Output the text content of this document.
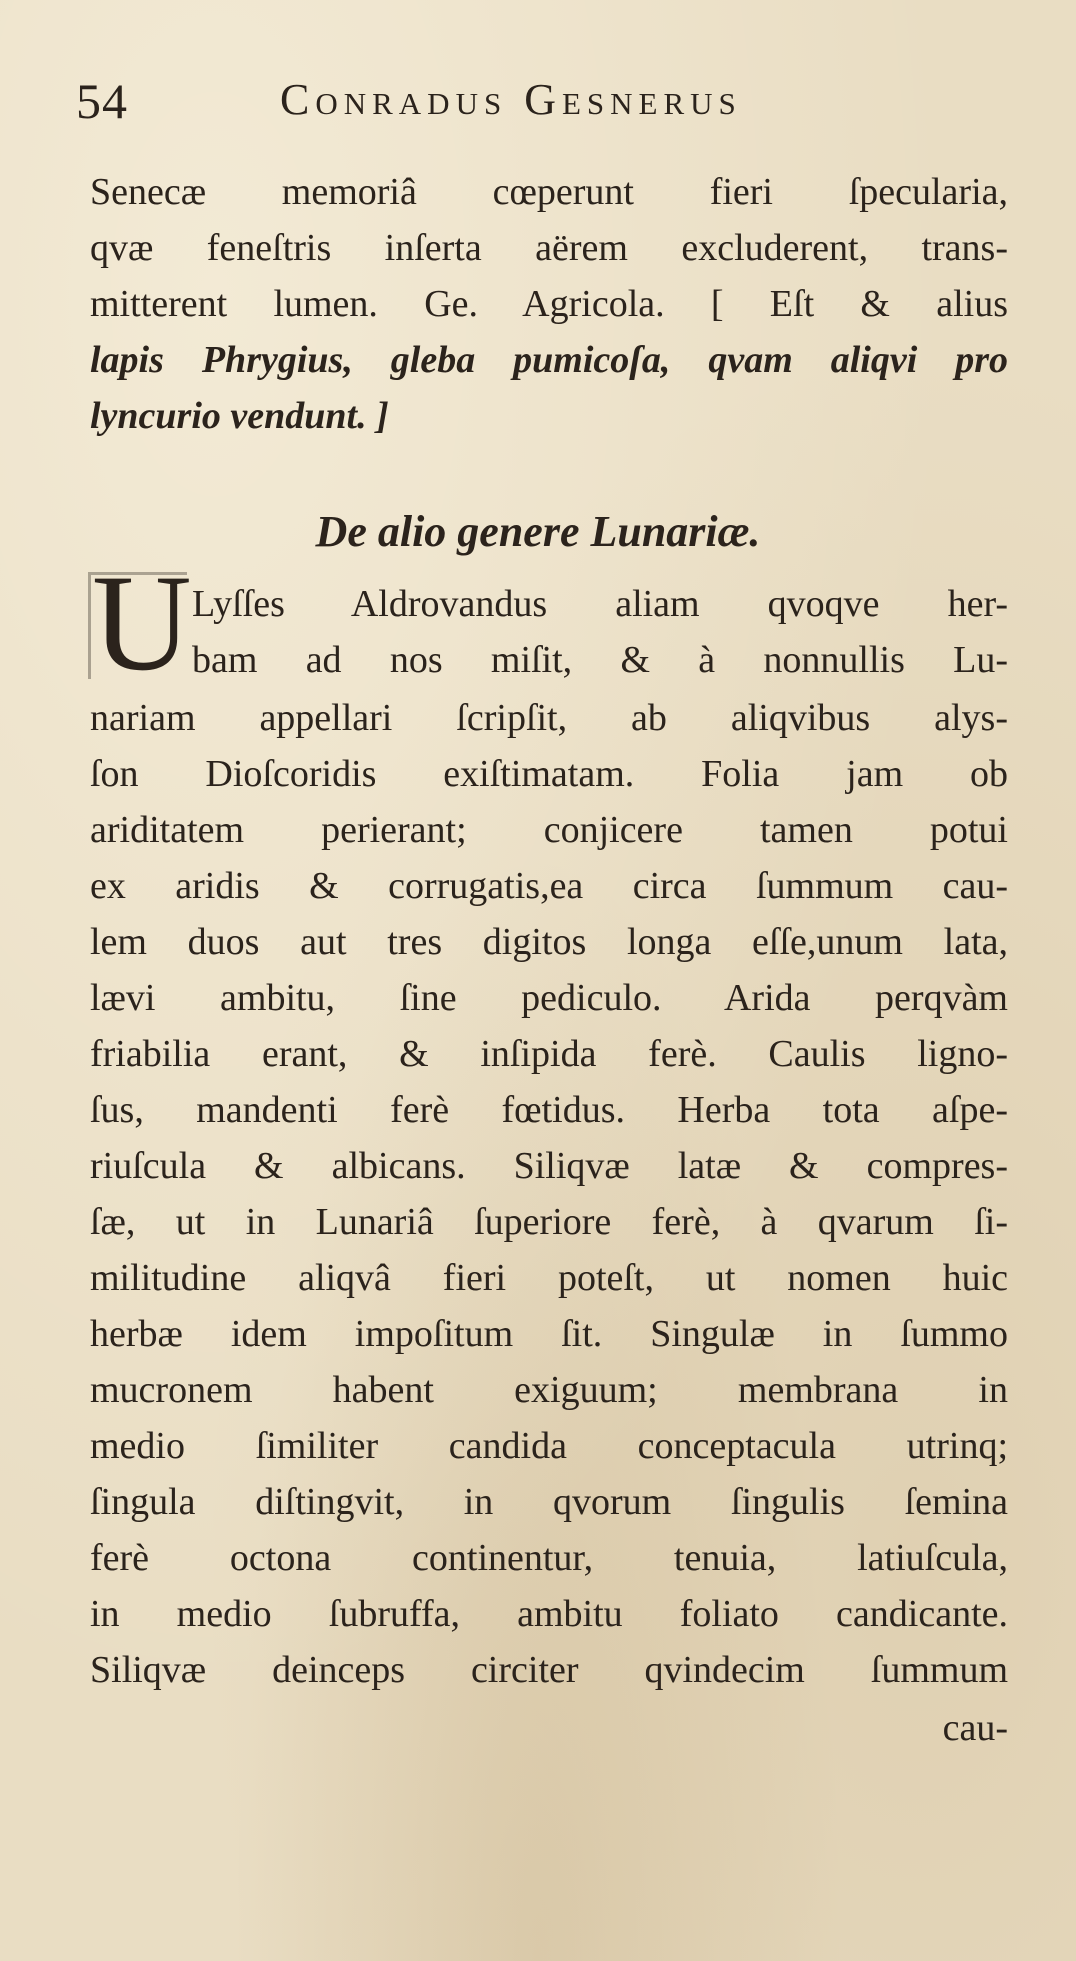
54	Conradus Gesnerus
Senecæ memoriâ cœperunt fieri ſpecularia,
qvæ feneſtris inſerta aërem excluderent, trans-
mitterent lumen. Ge. Agricola. [ Eſt & alius
lapis Phrygius, gleba pumicoſa, qvam aliqvi pro
lyncurio vendunt. ]
De alio genere Lunariæ.
U Lyſſes Aldrovandus aliam qvoqve her-
bam ad nos miſit, & à nonnullis Lu-
nariam appellari ſcripſit, ab aliqvibus alys-
ſon Dioſcoridis exiſtimatam. Folia jam ob
ariditatem perierant; conjicere tamen potui
ex aridis & corrugatis,ea circa ſummum cau-
lem duos aut tres digitos longa eſſe,unum lata,
lævi ambitu, ſine pediculo. Arida perqvàm
friabilia erant, & inſipida ferè. Caulis ligno-
ſus, mandenti ferè fœtidus. Herba tota aſpe-
riuſcula & albicans. Siliqvæ latæ & compres-
ſæ, ut in Lunariâ ſuperiore ferè, à qvarum ſi-
militudine aliqvâ fieri poteſt, ut nomen huic
herbæ idem impoſitum ſit. Singulæ in ſummo
mucronem habent exiguum; membrana in
medio ſimiliter candida conceptacula utrinq;
ſingula diſtingvit, in qvorum ſingulis ſemina
ferè octona continentur, tenuia, latiuſcula,
in medio ſubruffa, ambitu foliato candicante.
Siliqvæ deinceps circiter qvindecim ſummum
cau-
